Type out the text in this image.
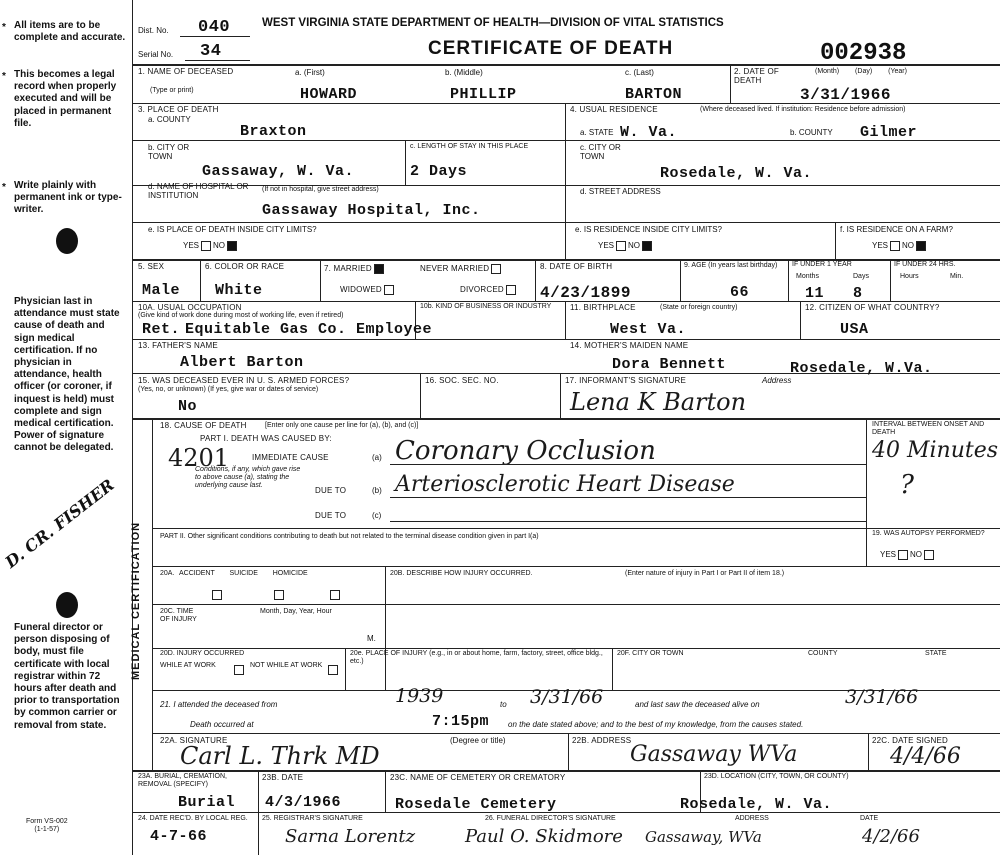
* All items are to be complete and accurate.
* This becomes a legal record when properly executed and will be placed in permanent file.
* Write plainly with permanent ink or type-writer.
Physician last in attendance must state cause of death and sign medical certification. If no physician in attendance, health officer (or coroner, if inquest is held) must complete and sign medical certification. Power of signature cannot be delegated.
Funeral director or person disposing of body, must file certificate with local registrar within 72 hours after death and prior to transportation by common carrier or removal from state.
D. CR. FISHER
Form VS-002
(1-1-57)
Dist. No. 040
Serial No. 34
WEST VIRGINIA STATE DEPARTMENT OF HEALTH—DIVISION OF VITAL STATISTICS
CERTIFICATE OF DEATH	002938
MEDICAL CERTIFICATION
1. NAME OF DECEASED
(Type or print)
a. (First)	b. (Middle)	c. (Last)
HOWARD	PHILLIP	BARTON
2. DATE OF DEATH
(Month) (Day) (Year)
3/31/1966
3. PLACE OF DEATH
a. COUNTY
Braxton
4. USUAL RESIDENCE	(Where deceased lived. If institution: Residence before admission)
a. STATE W. Va.	b. COUNTY Gilmer
b. CITY OR TOWN
Gassaway, W. Va.
c. LENGTH OF STAY IN THIS PLACE
2 Days
c. CITY OR TOWN
Rosedale, W. Va.
d. NAME OF HOSPITAL OR INSTITUTION
(If not in hospital, give street address)
Gassaway Hospital, Inc.
d. STREET ADDRESS
e. IS PLACE OF DEATH INSIDE CITY LIMITS?
YES NO
e. IS RESIDENCE INSIDE CITY LIMITS?
YES NO
f. IS RESIDENCE ON A FARM?
YES NO
5. SEX
Male
6. COLOR OR RACE
White
7. MARRIED	NEVER MARRIED
WIDOWED	DIVORCED
8. DATE OF BIRTH
4/23/1899
9. AGE (In years last birthday)
66
IF UNDER 1 YEAR
Months	Days
11 8
IF UNDER 24 HRS.
Hours	Min.
10A. USUAL OCCUPATION
(Give kind of work done during most of working life, even if retired)
Ret.
10b. KIND OF BUSINESS OR INDUSTRY
Equitable Gas Co. Employee
11. BIRTHPLACE	(State or foreign country)
West Va.
12. CITIZEN OF WHAT COUNTRY?
USA
13. FATHER'S NAME
Albert Barton
14. MOTHER'S MAIDEN NAME
Dora Bennett
15. WAS DECEASED EVER IN U. S. ARMED FORCES?
(Yes, no, or unknown) (If yes, give war or dates of service)
No
16. SOC. SEC. NO.	17. INFORMANT'S SIGNATURE	Address
Lena K Barton
Rosedale, W.Va.
18. CAUSE OF DEATH	[Enter only one cause per line for (a), (b), and (c)]
PART I. DEATH WAS CAUSED BY:
4201	IMMEDIATE CAUSE	(a) Coronary Occlusion
Conditions, if any, which gave rise to above cause (a), stating the underlying cause last.
DUE TO	(b) Arteriosclerotic Heart Disease
DUE TO	(c)
INTERVAL BETWEEN ONSET AND DEATH
40 Minutes
?
PART II. Other significant conditions contributing to death but not related to the terminal disease condition given in part I(a)	19. WAS AUTOPSY PERFORMED?
YES NO
20A. ACCIDENT SUICIDE HOMICIDE	20B. DESCRIBE HOW INJURY OCCURRED.	(Enter nature of injury in Part I or Part II of item 18.)
20C. TIME OF INJURY
Month, Day, Year, Hour
M.
20D. INJURY OCCURRED
WHILE AT WORK	NOT WHILE AT WORK
20e. PLACE OF INJURY (e.g., in or about home, farm, factory, street, office bldg., etc.)
20F. CITY OR TOWN	COUNTY	STATE
21. I attended the deceased from	1939	to 3/31/66	and last saw the deceased alive on	3/31/66
Death occurred at	7:15pm on the date stated above; and to the best of my knowledge, from the causes stated.
22A. SIGNATURE	(Degree or title)
Carl L. Thrk MD
22B. ADDRESS
Gassaway WVa
22C. DATE SIGNED
4/4/66
23A. BURIAL, CREMATION, REMOVAL (SPECIFY)
Burial
23B. DATE
4/3/1966
23C. NAME OF CEMETERY OR CREMATORY
Rosedale Cemetery
23D. LOCATION (CITY, TOWN, OR COUNTY)
Rosedale, W. Va.
24. DATE REC'D. BY LOCAL REG.
4-7-66
25. REGISTRAR'S SIGNATURE
Sarna Lorentz
26. FUNERAL DIRECTOR'S SIGNATURE
Paul O. Skidmore
ADDRESS
Gassaway, WVa
DATE
4/2/66
